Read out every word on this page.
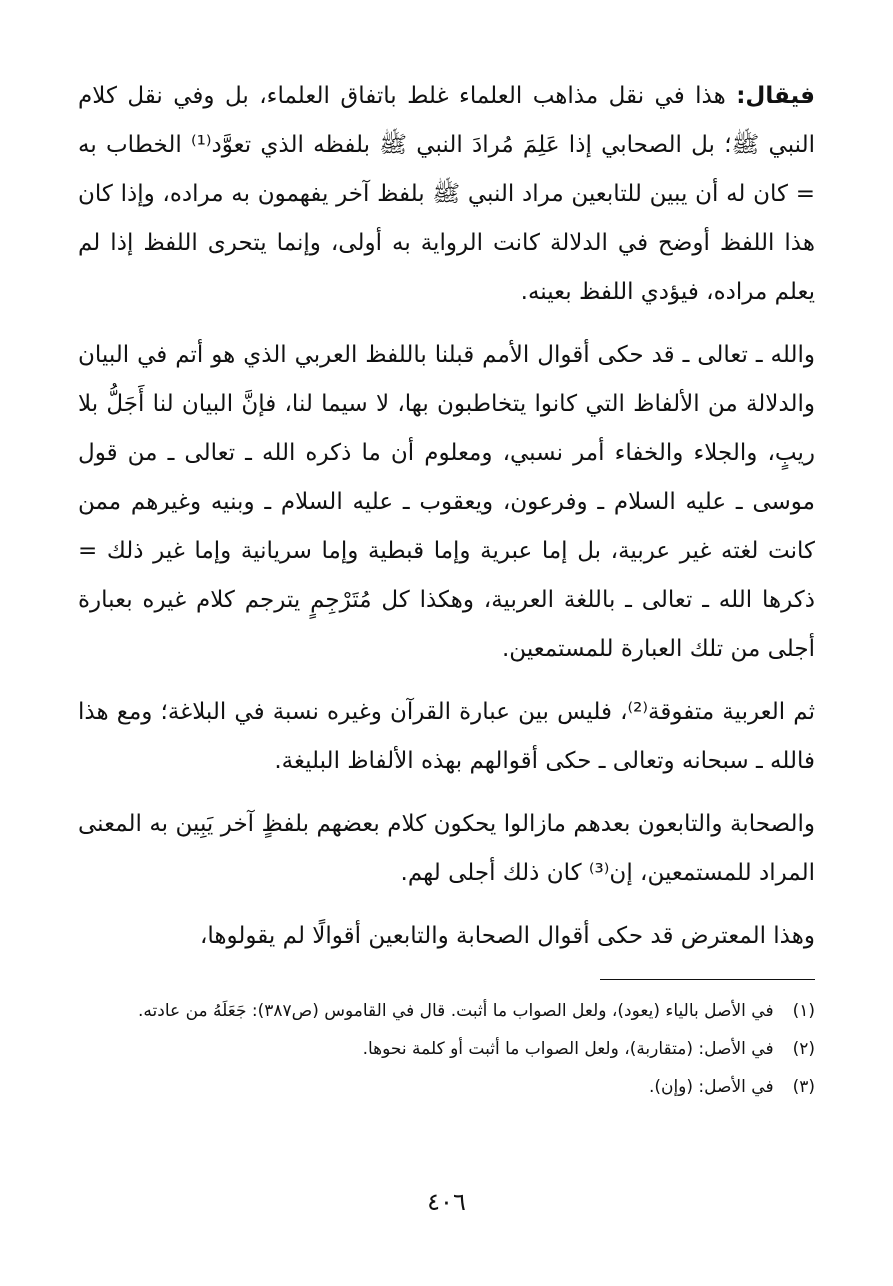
فيقال: هذا في نقل مذاهب العلماء غلط باتفاق العلماء، بل وفي نقل كلام النبي ﷺ؛ بل الصحابي إذا عَلِمَ مُرادَ النبي ﷺ بلفظه الذي تعوَّد⁽¹⁾ الخطاب به = كان له أن يبين للتابعين مراد النبي ﷺ بلفظ آخر يفهمون به مراده، وإذا كان هذا اللفظ أوضح في الدلالة كانت الرواية به أولى، وإنما يتحرى اللفظ إذا لم يعلم مراده، فيؤدي اللفظ بعينه.

والله ـ تعالى ـ قد حكى أقوال الأمم قبلنا باللفظ العربي الذي هو أتم في البيان والدلالة من الألفاظ التي كانوا يتخاطبون بها، لا سيما لنا، فإنَّ البيان لنا أَجَلُّ بلا ريبٍ، والجلاء والخفاء أمر نسبي، ومعلوم أن ما ذكره الله ـ تعالى ـ من قول موسى ـ عليه السلام ـ وفرعون، ويعقوب ـ عليه السلام ـ وبنيه وغيرهم ممن كانت لغته غير عربية، بل إما عبرية وإما قبطية وإما سريانية وإما غير ذلك = ذكرها الله ـ تعالى ـ باللغة العربية، وهكذا كل مُتَرْجِمٍ يترجم كلام غيره بعبارة أجلى من تلك العبارة للمستمعين.

ثم العربية متفوقة⁽²⁾، فليس بين عبارة القرآن وغيره نسبة في البلاغة؛ ومع هذا فالله ـ سبحانه وتعالى ـ حكى أقوالهم بهذه الألفاظ البليغة.

والصحابة والتابعون بعدهم مازالوا يحكون كلام بعضهم بلفظٍ آخر يَبِين به المعنى المراد للمستمعين، إن⁽³⁾ كان ذلك أجلى لهم.

وهذا المعترض قد حكى أقوال الصحابة والتابعين أقوالًا لم يقولوها،

(١) في الأصل بالياء (يعود)، ولعل الصواب ما أثبت. قال في القاموس (ص٣٨٧): جَعَلَهُ من عادته.

(٢) في الأصل: (متقاربة)، ولعل الصواب ما أثبت أو كلمة نحوها.

(٣) في الأصل: (وإن).

٤٠٦
